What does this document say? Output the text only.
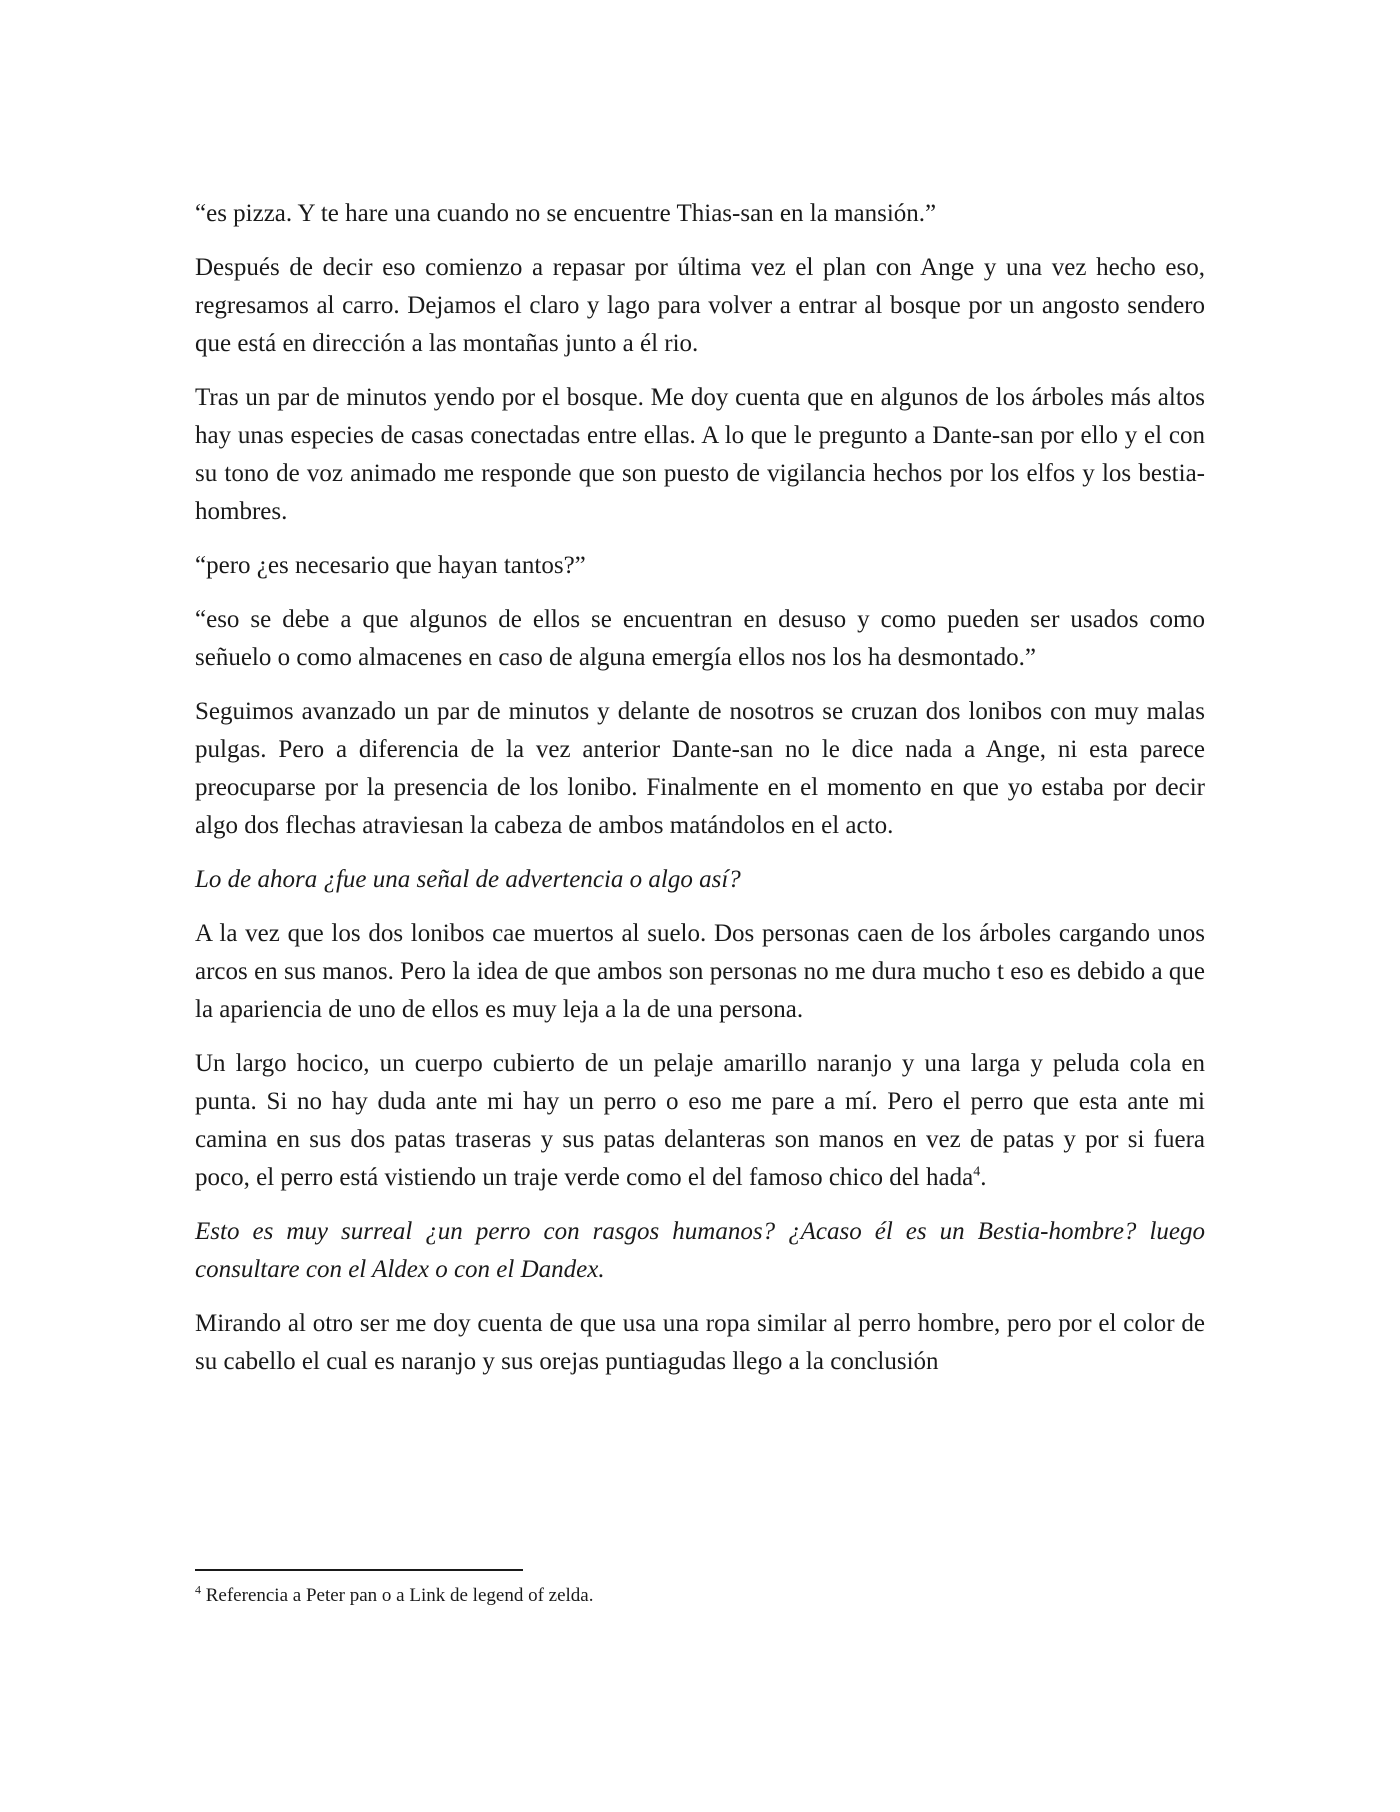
“es pizza. Y te hare una cuando no se encuentre Thias-san en la mansión.”

Después de decir eso comienzo a repasar por última vez el plan con Ange y una vez hecho eso, regresamos al carro. Dejamos el claro y lago para volver a entrar al bosque por un angosto sendero que está en dirección a las montañas junto a él rio.

Tras un par de minutos yendo por el bosque. Me doy cuenta que en algunos de los árboles más altos hay unas especies de casas conectadas entre ellas. A lo que le pregunto a Dante-san por ello y el con su tono de voz animado me responde que son puesto de vigilancia hechos por los elfos y los bestia-hombres.

“pero ¿es necesario que hayan tantos?”

“eso se debe a que algunos de ellos se encuentran en desuso y como pueden ser usados como señuelo o como almacenes en caso de alguna emergía ellos nos los ha desmontado.”

Seguimos avanzado un par de minutos y delante de nosotros se cruzan dos lonibos con muy malas pulgas. Pero a diferencia de la vez anterior Dante-san no le dice nada a Ange, ni esta parece preocuparse por la presencia de los lonibo. Finalmente en el momento en que yo estaba por decir algo dos flechas atraviesan la cabeza de ambos matándolos en el acto.

Lo de ahora ¿fue una señal de advertencia o algo así?

A la vez que los dos lonibos cae muertos al suelo. Dos personas caen de los árboles cargando unos arcos en sus manos. Pero la idea de que ambos son personas no me dura mucho t eso es debido a que la apariencia de uno de ellos es muy leja a la de una persona.

Un largo hocico, un cuerpo cubierto de un pelaje amarillo naranjo y una larga y peluda cola en punta. Si no hay duda ante mi hay un perro o eso me pare a mí. Pero el perro que esta ante mi camina en sus dos patas traseras y sus patas delanteras son manos en vez de patas y por si fuera poco, el perro está vistiendo un traje verde como el del famoso chico del hada$^4$.

Esto es muy surreal ¿un perro con rasgos humanos? ¿Acaso él es un Bestia-hombre? luego consultare con el Aldex o con el Dandex.

Mirando al otro ser me doy cuenta de que usa una ropa similar al perro hombre, pero por el color de su cabello el cual es naranjo y sus orejas puntiagudas llego a la conclusión

$^4$ Referencia a Peter pan o a Link de legend of zelda.
